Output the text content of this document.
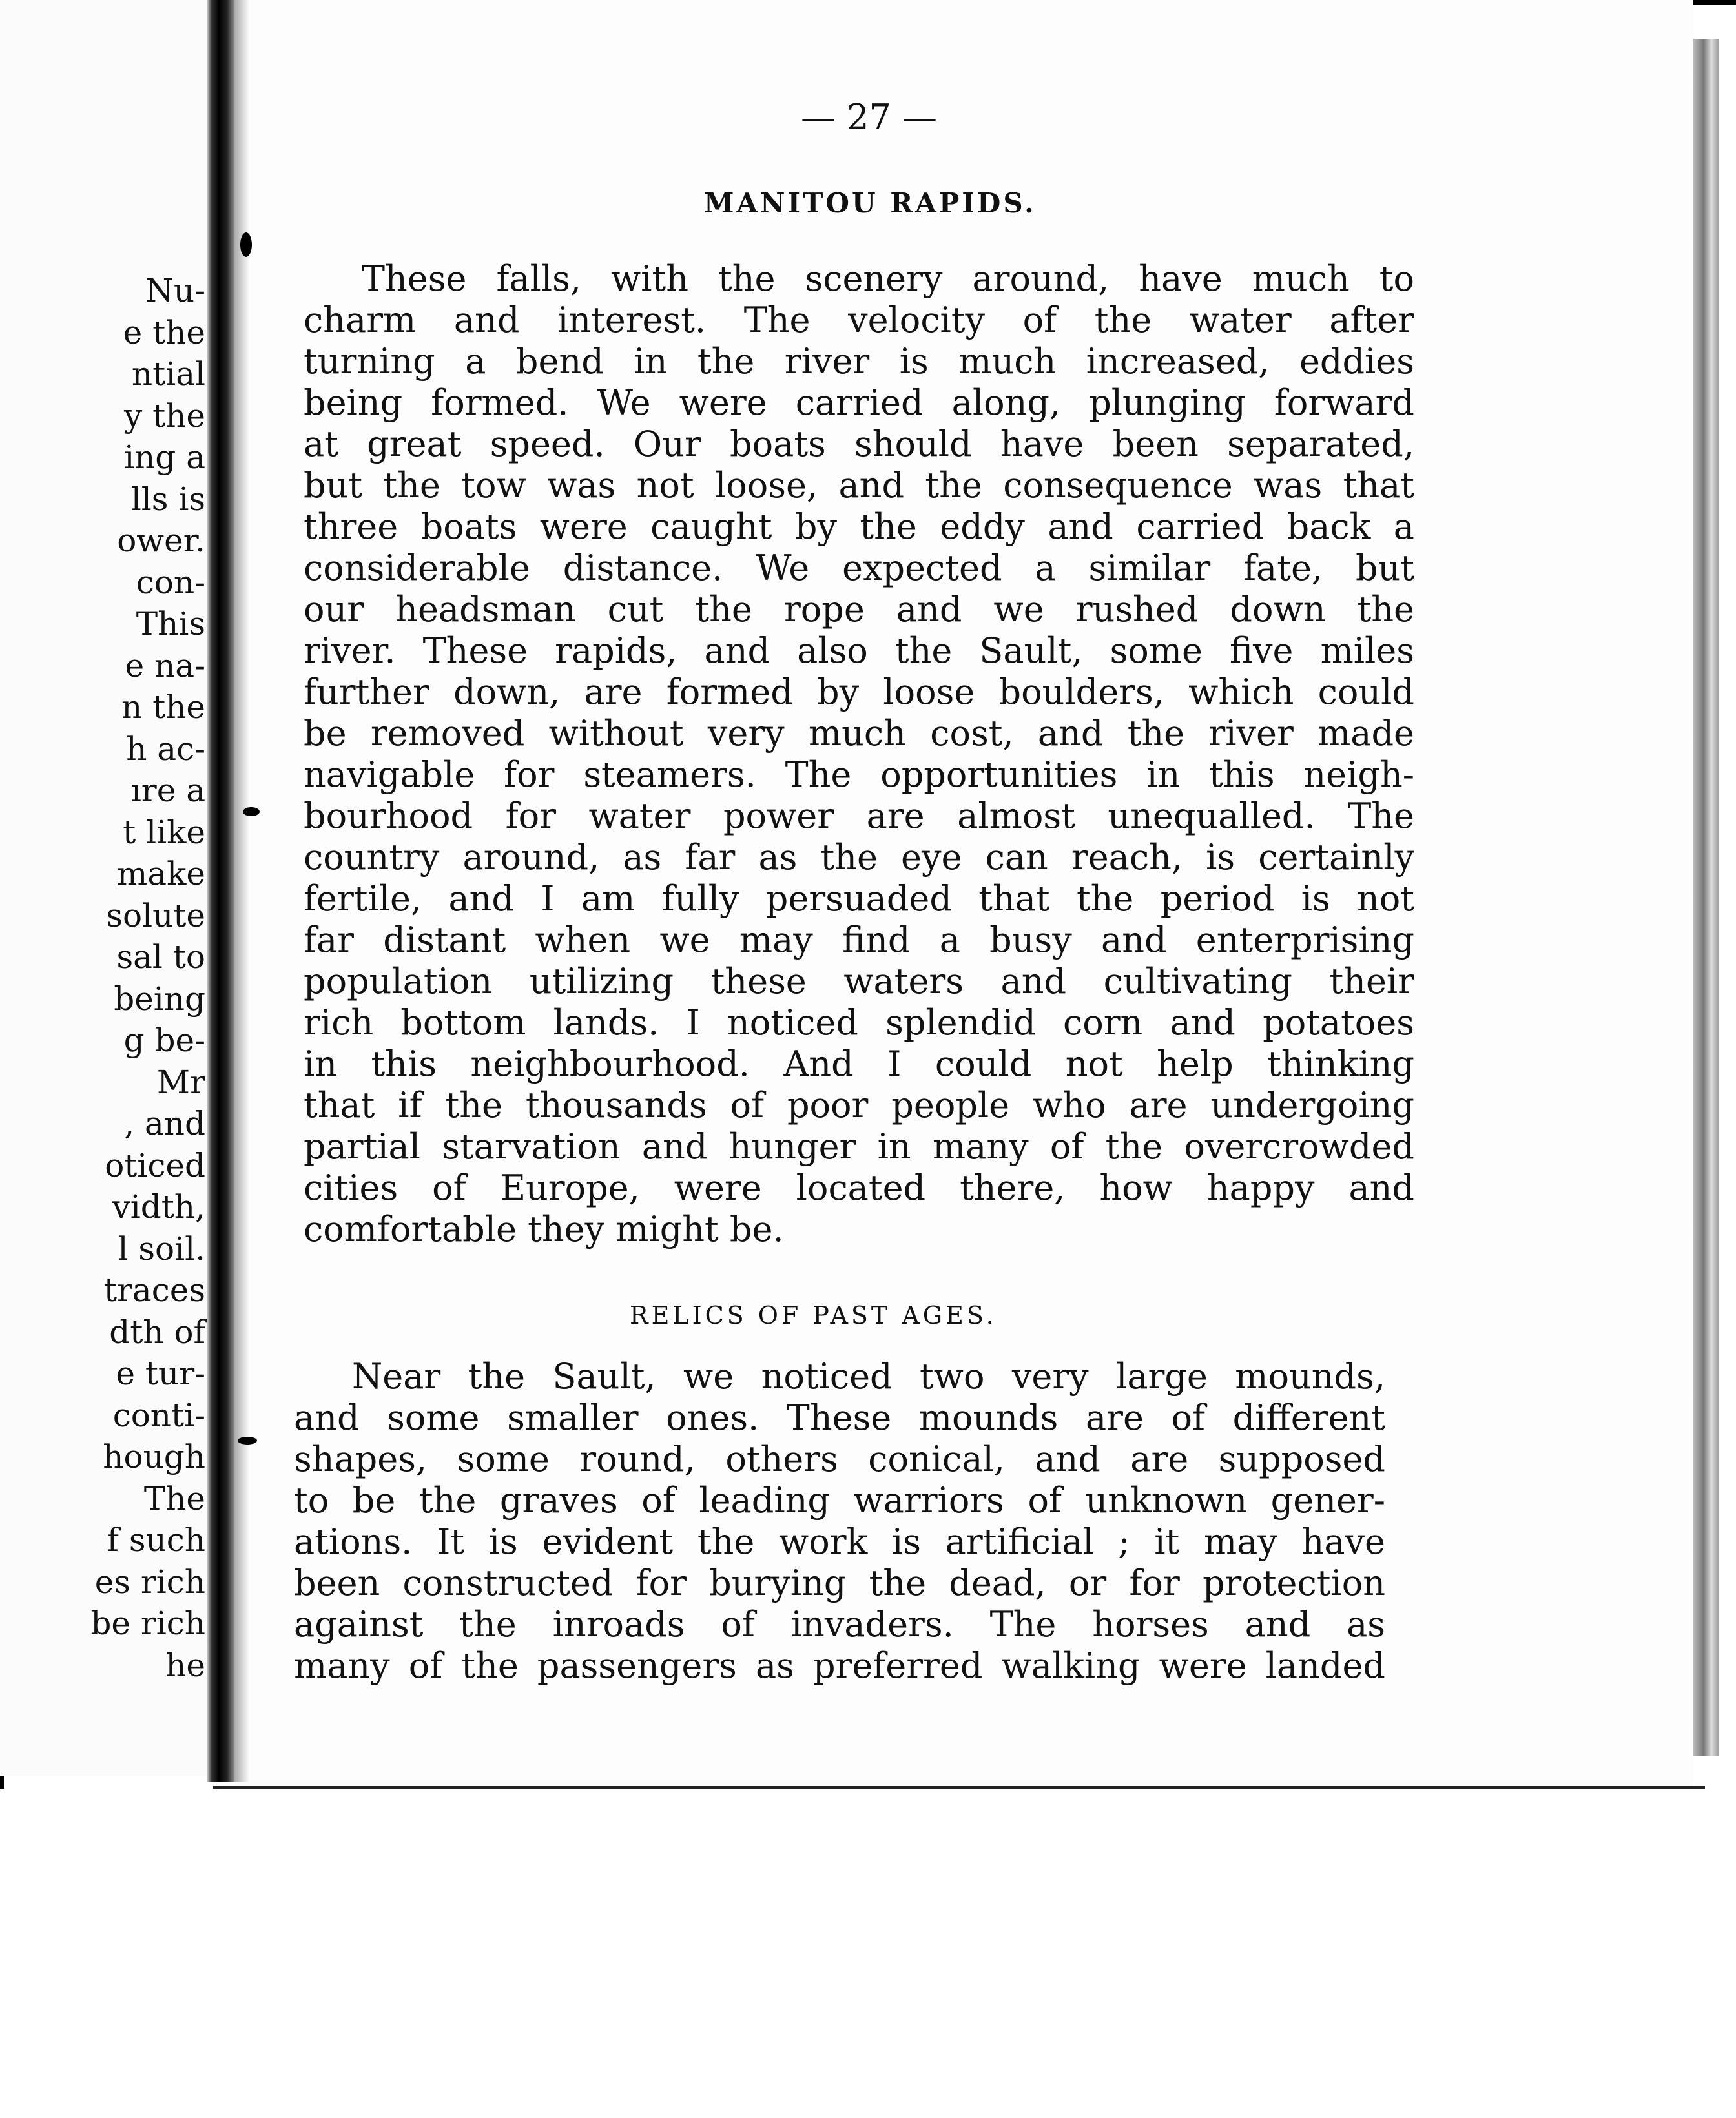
Nu-
e the
ntial
y the
ing a
lls is
ower.
con-
This
e na-
n the
h ac-
ıre a
t like
make
solute
sal to
being
g be-
Mr
, and
oticed
vidth,
l soil.
traces
dth of
e tur-
conti-
hough
The
f such
es rich
be rich
he
— 27 —
MANITOU RAPIDS.
These falls, with the scenery around, have much to
charm and interest. The velocity of the water after
turning a bend in the river is much increased, eddies
being formed. We were carried along, plunging forward
at great speed. Our boats should have been separated,
but the tow was not loose, and the consequence was that
three boats were caught by the eddy and carried back a
considerable distance. We expected a similar fate, but
our headsman cut the rope and we rushed down the
river. These rapids, and also the Sault, some five miles
further down, are formed by loose boulders, which could
be removed without very much cost, and the river made
navigable for steamers. The opportunities in this neigh-
bourhood for water power are almost unequalled. The
country around, as far as the eye can reach, is certainly
fertile, and I am fully persuaded that the period is not
far distant when we may find a busy and enterprising
population utilizing these waters and cultivating their
rich bottom lands. I noticed splendid corn and potatoes
in this neighbourhood. And I could not help thinking
that if the thousands of poor people who are undergoing
partial starvation and hunger in many of the overcrowded
cities of Europe, were located there, how happy and
comfortable they might be.
RELICS OF PAST AGES.
Near the Sault, we noticed two very large mounds,
and some smaller ones. These mounds are of different
shapes, some round, others conical, and are supposed
to be the graves of leading warriors of unknown gener-
ations. It is evident the work is artificial ; it may have
been constructed for burying the dead, or for protection
against the inroads of invaders. The horses and as
many of the passengers as preferred walking were landed
